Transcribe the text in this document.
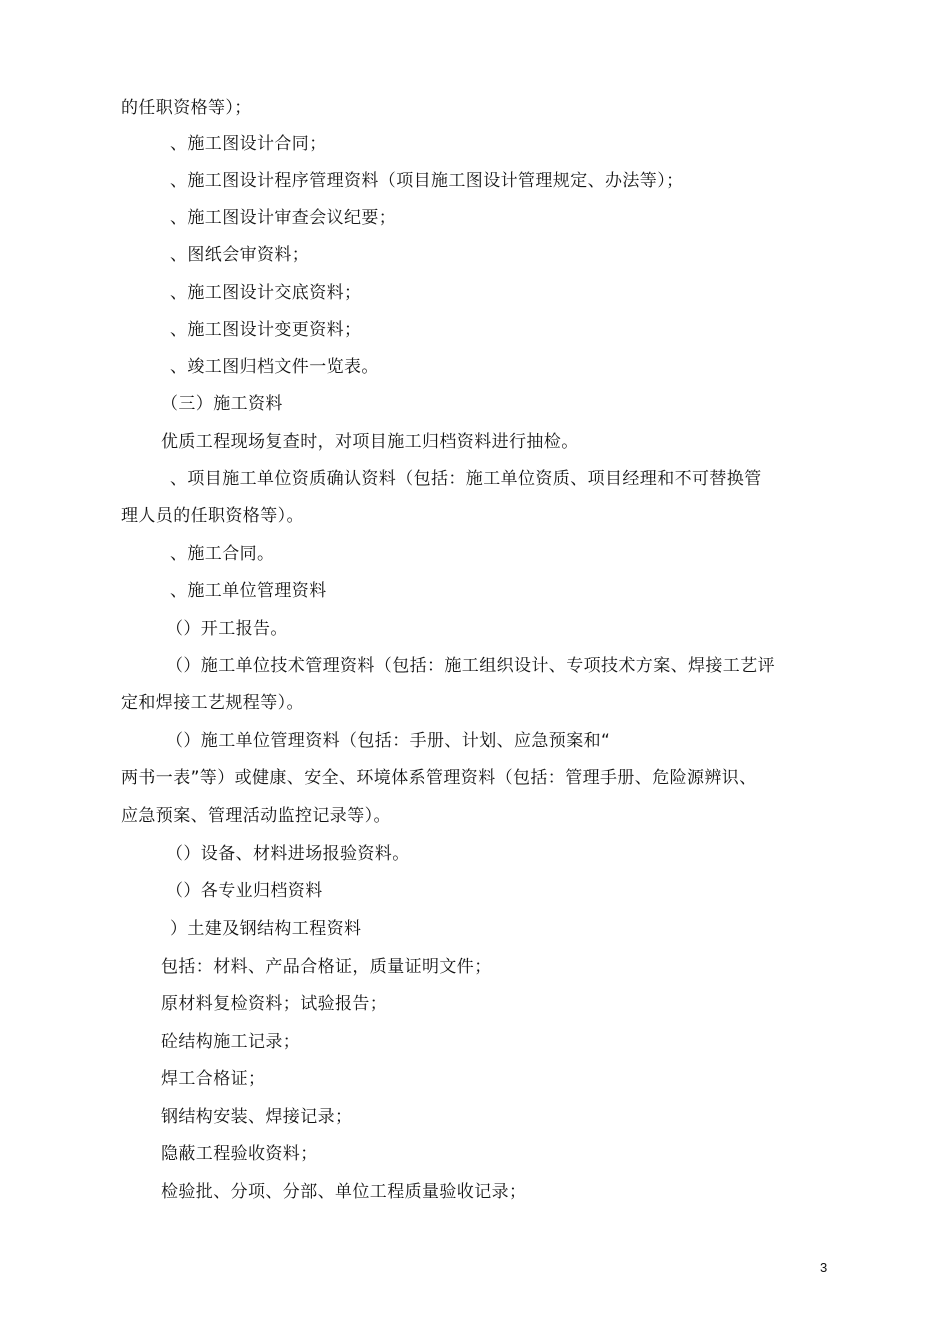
的任职资格等）；
、施工图设计合同；
、施工图设计程序管理资料（项目施工图设计管理规定、办法等）；
、施工图设计审查会议纪要；
、图纸会审资料；
、施工图设计交底资料；
、施工图设计变更资料；
、竣工图归档文件一览表。
（三）施工资料
优质工程现场复查时，对项目施工归档资料进行抽检。
、项目施工单位资质确认资料（包括：施工单位资质、项目经理和不可替换管
理人员的任职资格等）。
、施工合同。
、施工单位管理资料
（）开工报告。
（）施工单位技术管理资料（包括：施工组织设计、专项技术方案、焊接工艺评
定和焊接工艺规程等）。
（）施工单位管理资料（包括：手册、计划、应急预案和“
两书一表”等）或健康、安全、环境体系管理资料（包括：管理手册、危险源辨识、
应急预案、管理活动监控记录等）。
（）设备、材料进场报验资料。
（）各专业归档资料
）土建及钢结构工程资料
包括：材料、产品合格证，质量证明文件；
原材料复检资料；试验报告；
砼结构施工记录；
焊工合格证；
钢结构安装、焊接记录；
隐蔽工程验收资料；
检验批、分项、分部、单位工程质量验收记录；
3
